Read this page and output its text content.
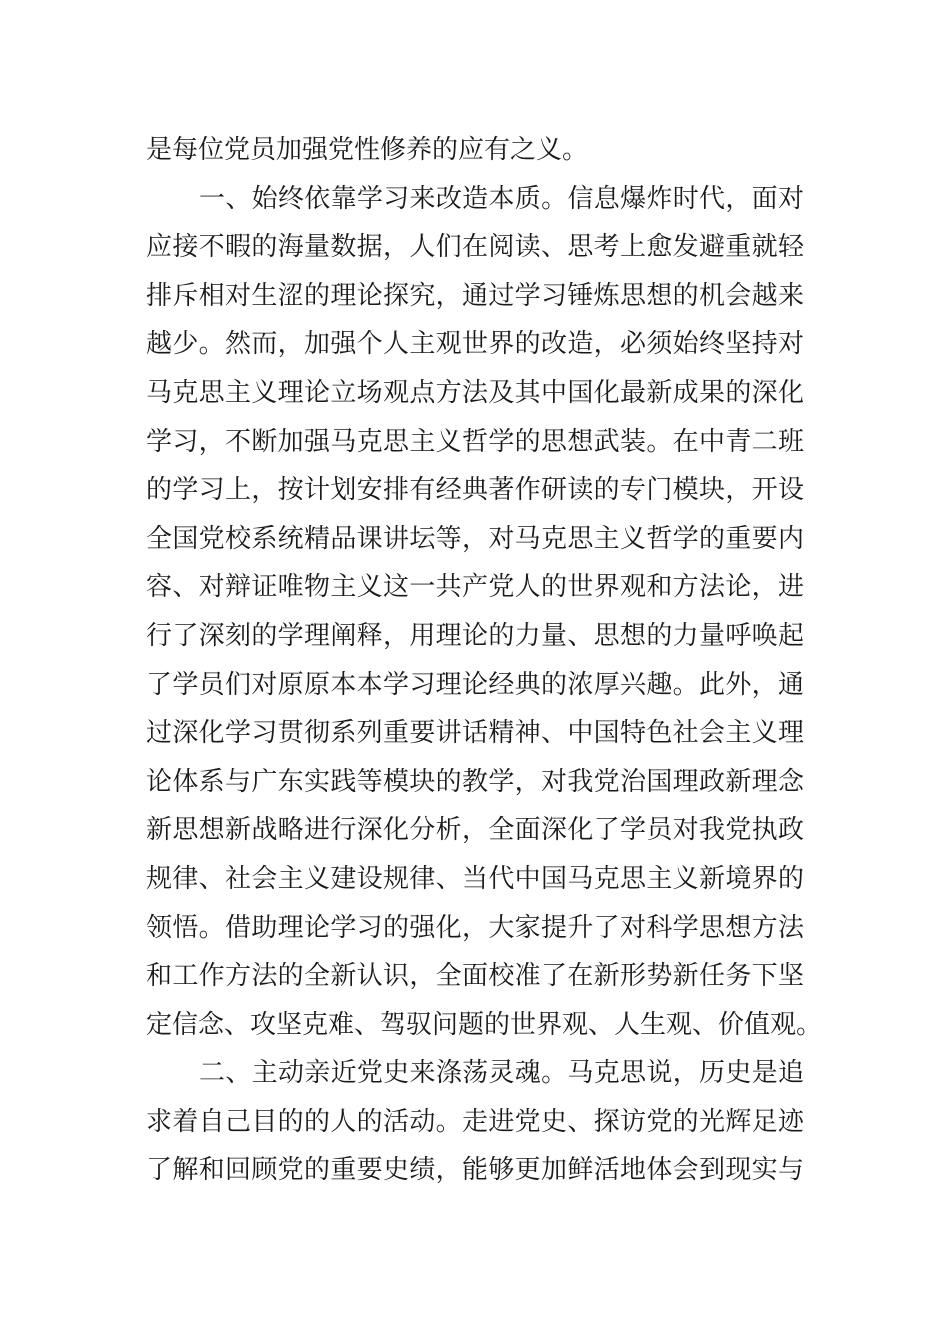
是每位党员加强党性修养的应有之义。
一、始终依靠学习来改造本质。信息爆炸时代，面对
应接不暇的海量数据，人们在阅读、思考上愈发避重就轻
排斥相对生涩的理论探究，通过学习锤炼思想的机会越来
越少。然而，加强个人主观世界的改造，必须始终坚持对
马克思主义理论立场观点方法及其中国化最新成果的深化
学习，不断加强马克思主义哲学的思想武装。在中青二班
的学习上，按计划安排有经典著作研读的专门模块，开设
全国党校系统精品课讲坛等，对马克思主义哲学的重要内
容、对辩证唯物主义这一共产党人的世界观和方法论，进
行了深刻的学理阐释，用理论的力量、思想的力量呼唤起
了学员们对原原本本学习理论经典的浓厚兴趣。此外，通
过深化学习贯彻系列重要讲话精神、中国特色社会主义理
论体系与广东实践等模块的教学，对我党治国理政新理念
新思想新战略进行深化分析，全面深化了学员对我党执政
规律、社会主义建设规律、当代中国马克思主义新境界的
领悟。借助理论学习的强化，大家提升了对科学思想方法
和工作方法的全新认识，全面校准了在新形势新任务下坚
定信念、攻坚克难、驾驭问题的世界观、人生观、价值观。
二、主动亲近党史来涤荡灵魂。马克思说，历史是追
求着自己目的的人的活动。走进党史、探访党的光辉足迹
了解和回顾党的重要史绩，能够更加鲜活地体会到现实与
